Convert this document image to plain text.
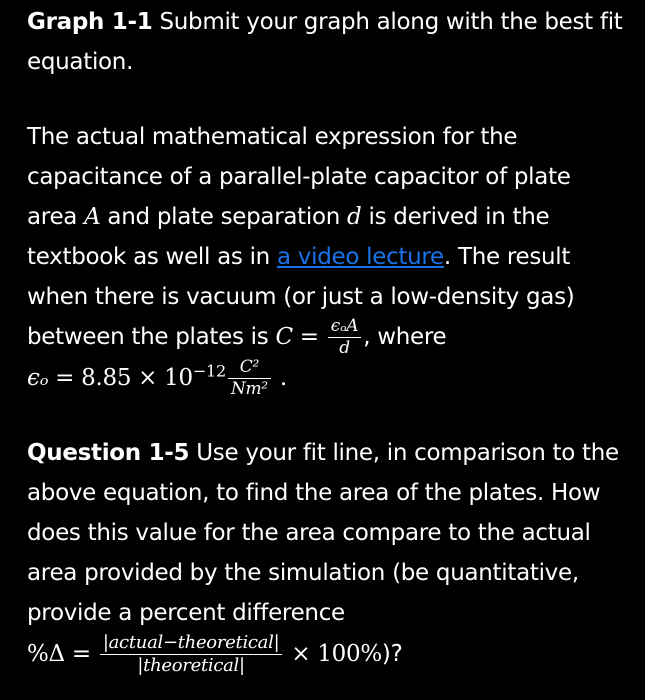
Graph 1-1 Submit your graph along with the best fit equation.

The actual mathematical expression for the capacitance of a parallel-plate capacitor of plate area A and plate separation d is derived in the textbook as well as in a video lecture. The result when there is vacuum (or just a low-density gas) between the plates is $C = \frac{\text{ϵₒA}}{d}$ , where
$\epsilon_o = 8.85 \times 10^{-12} \frac{\text{C²}}{\text{Nm²}}$ .

Question 1-5 Use your fit line, in comparison to the above equation, to find the area of the plates. How does this value for the area compare to the actual area provided by the simulation (be quantitative, provide a percent difference
$\%\Delta = \frac{\text{|actual−theoretical|}}{\text{|theoretical|}} \times 100\%$)?
